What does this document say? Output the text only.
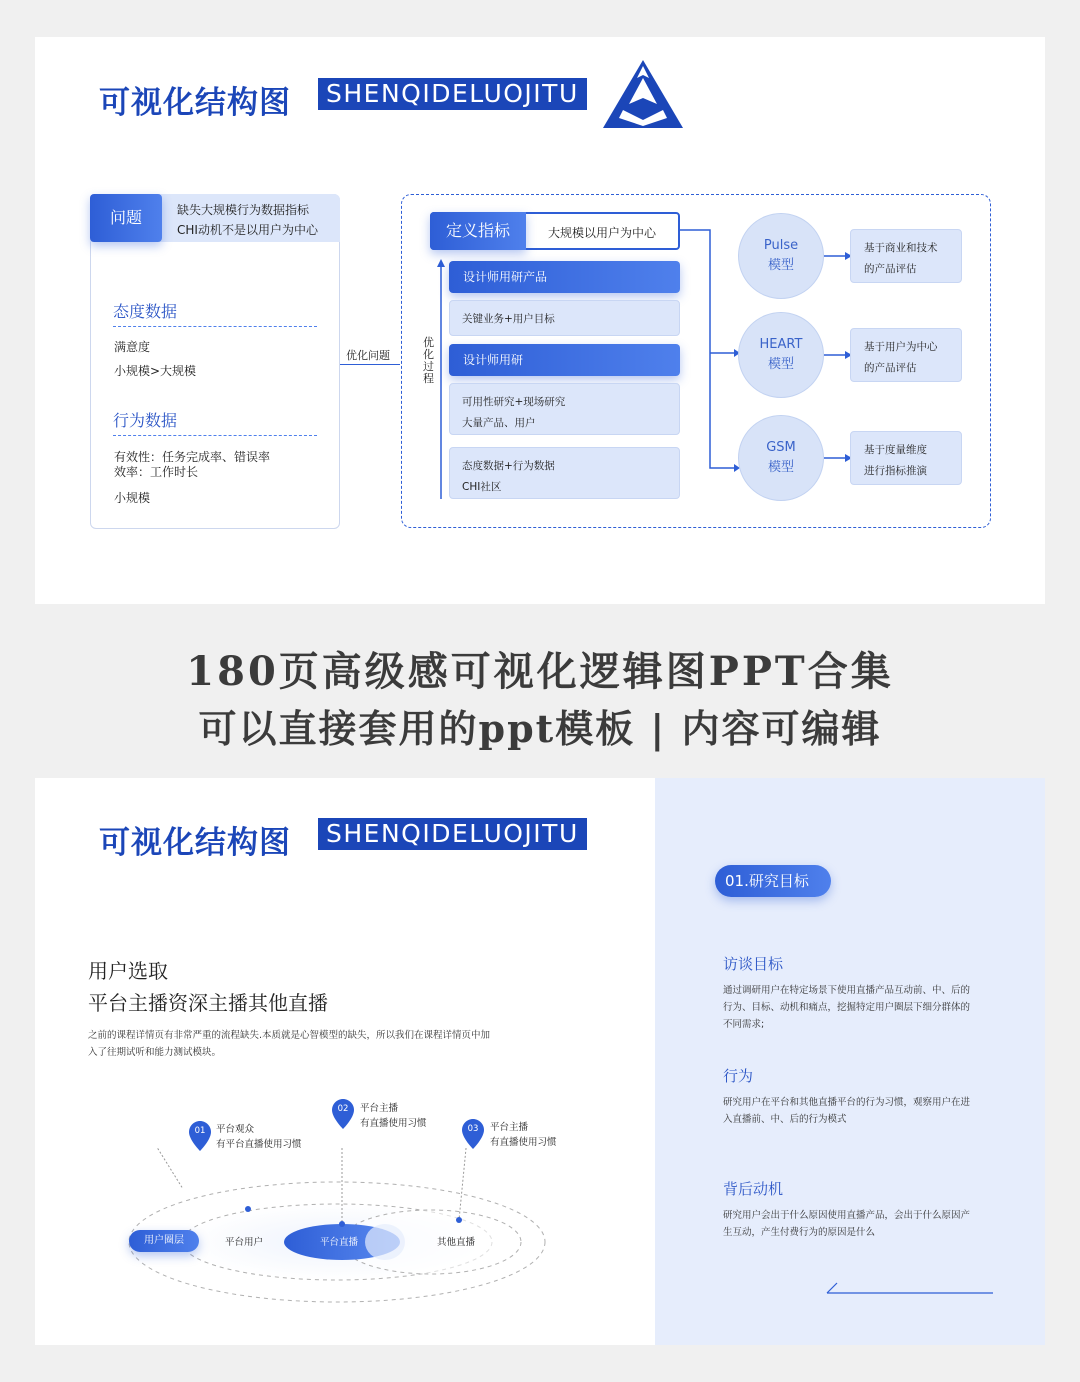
可视化结构图	SHENQIDELUOJITU
问题	缺失大规模行为数据指标
CHI动机不是以用户为中心
态度数据
满意度
小规模>大规模
行为数据
有效性：任务完成率、错误率
效率：工作时长
小规模
优化问题
优化过程
定义指标	大规模以用户为中心
设计师用研产品
关键业务+用户目标
设计师用研
可用性研究+现场研究
大量产品、用户
态度数据+行为数据
CHI社区
Pulse
模型
HEART
模型
GSM
模型
基于商业和技术
的产品评估
基于用户为中心
的产品评估
基于度量维度
进行指标推演
180页高级感可视化逻辑图PPT合集
可以直接套用的ppt模板 | 内容可编辑
可视化结构图	SHENQIDELUOJITU
用户选取
平台主播资深主播其他直播
之前的课程详情页有非常严重的流程缺失.本质就是心智模型的缺失，所以我们在课程详情页中加
入了往期试听和能力测试模块。
平台用户	平台直播	其他直播
用户圈层
01	平台观众
有平台直播使用习惯
02	平台主播
有直播使用习惯	03	平台主播
有直播使用习惯
01.研究目标
访谈目标
通过调研用户在特定场景下使用直播产品互动前、中、后的
行为、目标、动机和痛点，挖掘特定用户圈层下细分群体的
不同需求;
行为
研究用户在平台和其他直播平台的行为习惯，观察用户在进
入直播前、中、后的行为模式
背后动机
研究用户会出于什么原因使用直播产品，会出于什么原因产
生互动，产生付费行为的原因是什么
